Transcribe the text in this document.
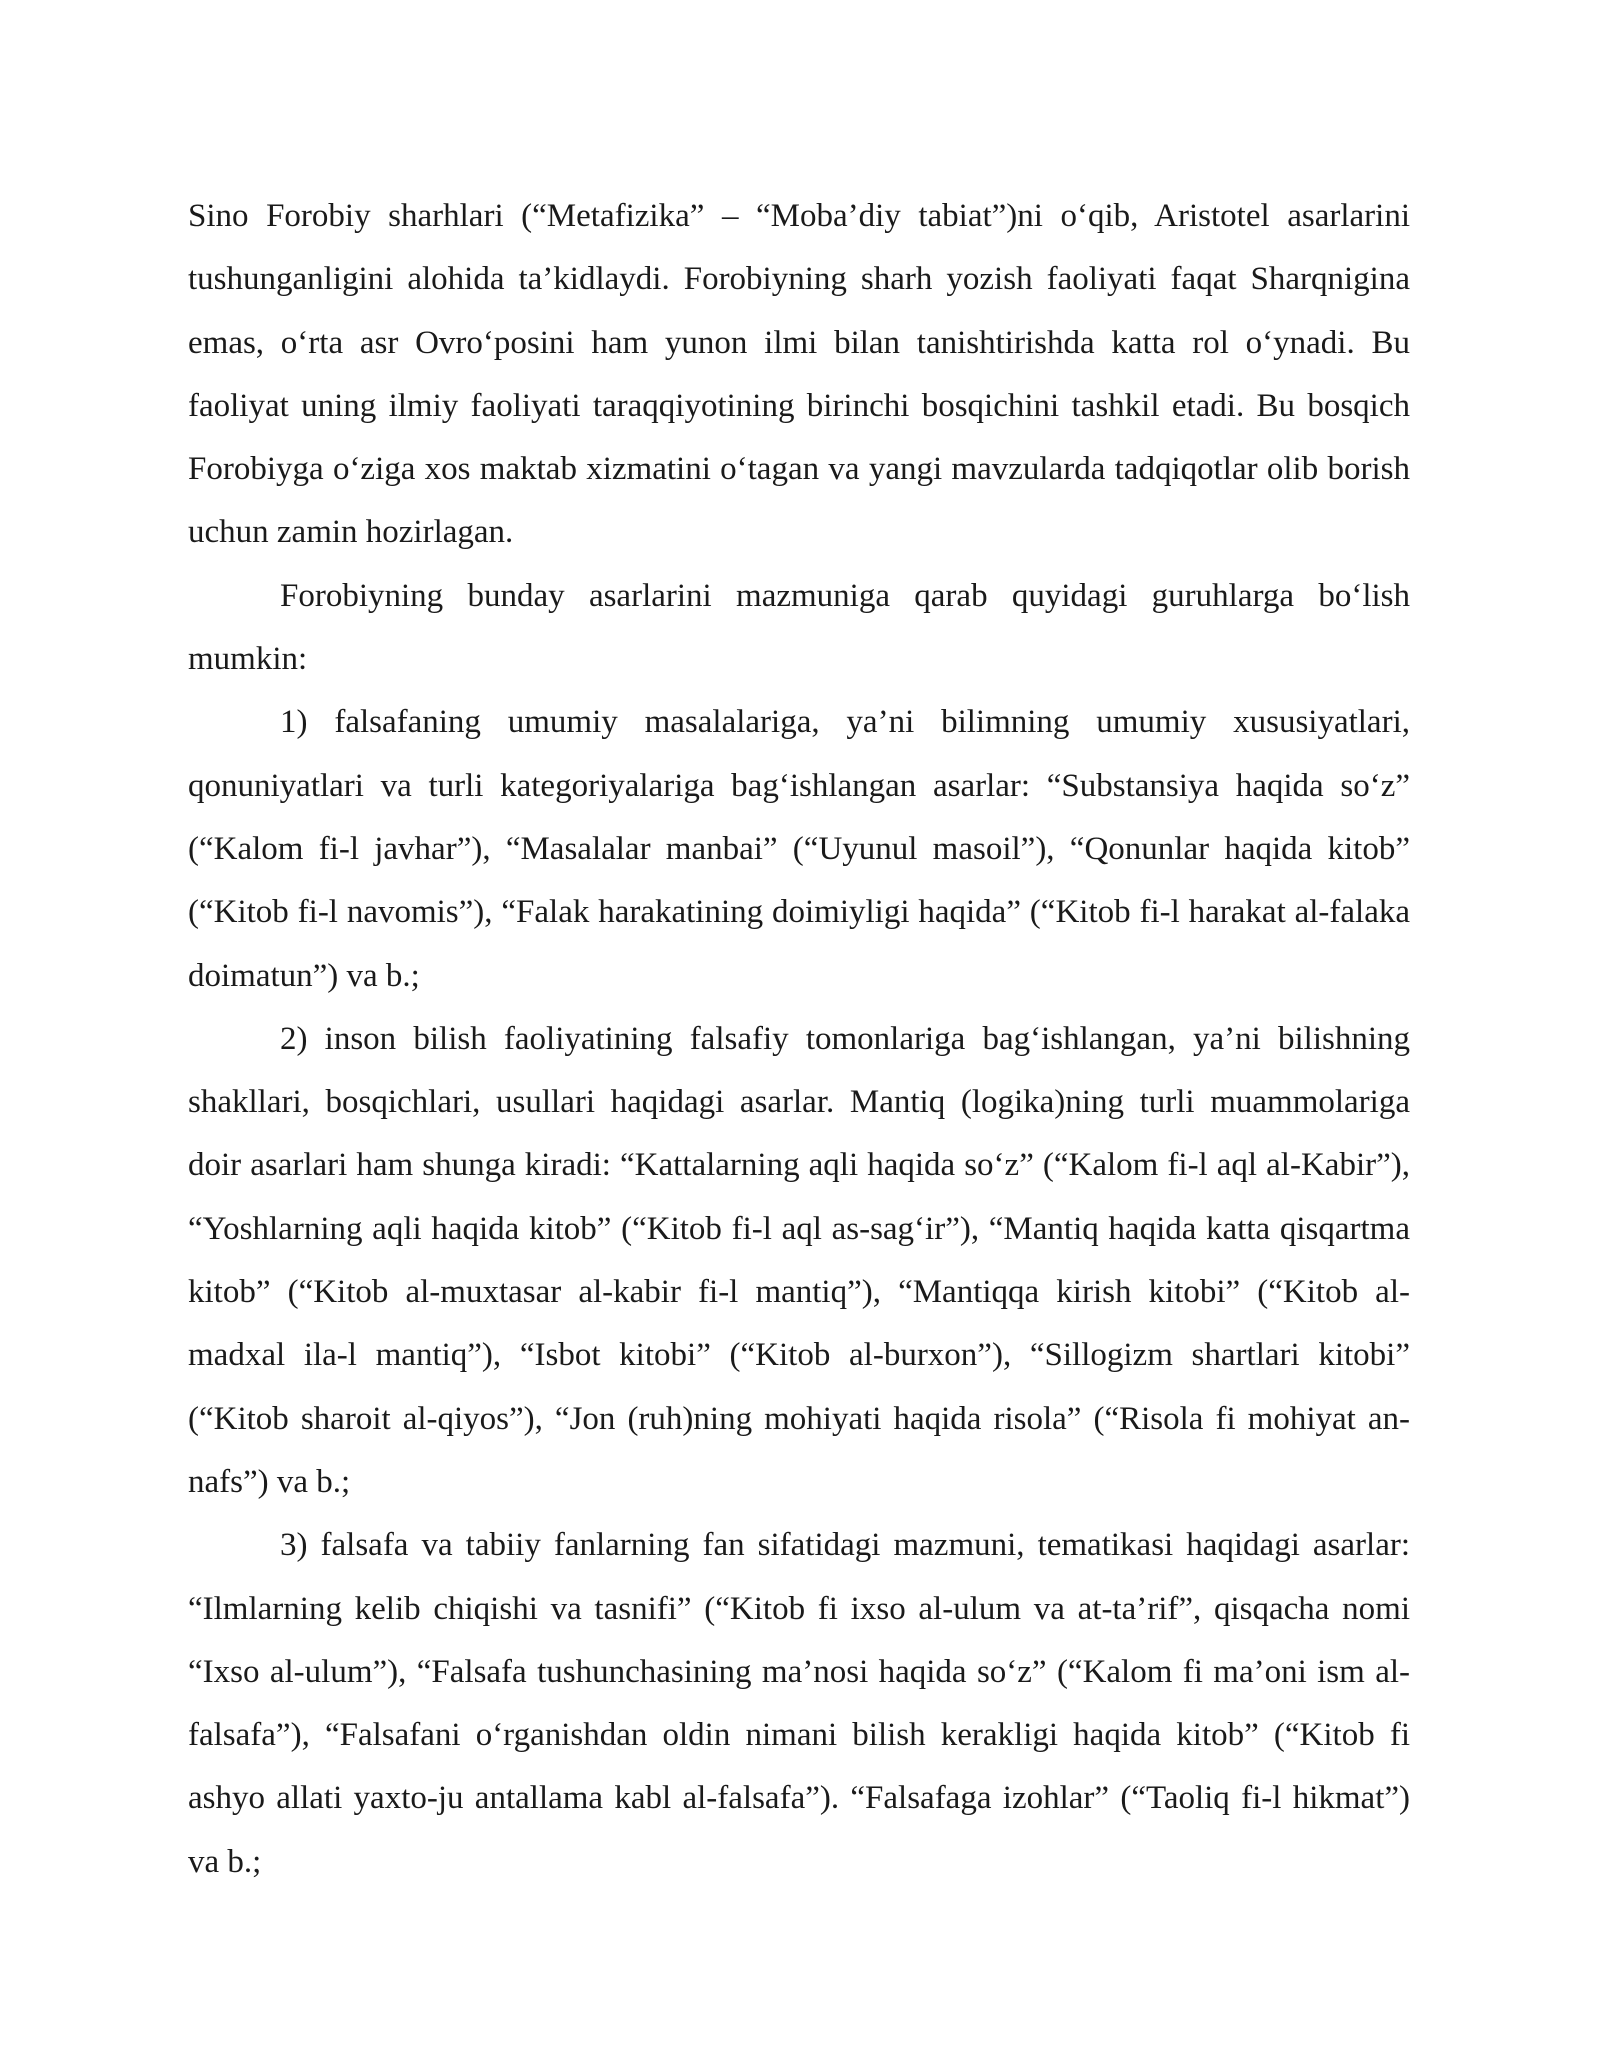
Sino Forobiy sharhlari (“Metafizika” – “Moba’diy tabiat”)ni o‘qib, Aristotel asarlarini tushunganligini alohida ta’kidlaydi. Forobiyning sharh yozish faoliyati faqat Sharqnigina emas, o‘rta asr Ovro‘posini ham yunon ilmi bilan tanishtirishda katta rol o‘ynadi. Bu faoliyat uning ilmiy faoliyati taraqqiyotining birinchi bosqichini tashkil etadi. Bu bosqich Forobiyga o‘ziga xos maktab xizmatini o‘tagan va yangi mavzularda tadqiqotlar olib borish uchun zamin hozirlagan.

Forobiyning bunday asarlarini mazmuniga qarab quyidagi guruhlarga bo‘lish mumkin:

1) falsafaning umumiy masalalariga, ya’ni bilimning umumiy xususiyatlari, qonuniyatlari va turli kategoriyalariga bag‘ishlangan asarlar: “Substansiya haqida so‘z” (“Kalom fi-l javhar”), “Masalalar manbai” (“Uyunul masoil”), “Qonunlar haqida kitob” (“Kitob fi-l navomis”), “Falak harakatining doimiyligi haqida” (“Kitob fi-l harakat al-falaka doimatun”) va b.;

2) inson bilish faoliyatining falsafiy tomonlariga bag‘ishlangan, ya’ni bilishning shakllari, bosqichlari, usullari haqidagi asarlar. Mantiq (logika)ning turli muammolariga doir asarlari ham shunga kiradi: “Kattalarning aqli haqida so‘z” (“Kalom fi-l aql al-Kabir”), “Yoshlarning aqli haqida kitob” (“Kitob fi-l aql as-sag‘ir”), “Mantiq haqida katta qisqartma kitob” (“Kitob al-muxtasar al-kabir fi-l mantiq”), “Mantiqqa kirish kitobi” (“Kitob al-madxal ila-l mantiq”), “Isbot kitobi” (“Kitob al-burxon”), “Sillogizm shartlari kitobi” (“Kitob sharoit al-qiyos”), “Jon (ruh)ning mohiyati haqida risola” (“Risola fi mohiyat an-nafs”) va b.;

3) falsafa va tabiiy fanlarning fan sifatidagi mazmuni, tematikasi haqidagi asarlar: “Ilmlarning kelib chiqishi va tasnifi” (“Kitob fi ixso al-ulum va at-ta’rif”, qisqacha nomi “Ixso al-ulum”), “Falsafa tushunchasining ma’nosi haqida so‘z” (“Kalom fi ma’oni ism al-falsafa”), “Falsafani o‘rganishdan oldin nimani bilish kerakligi haqida kitob” (“Kitob fi ashyo allati yaxto-ju antallama kabl al-falsafa”). “Falsafaga izohlar” (“Taoliq fi-l hikmat”) va b.;
